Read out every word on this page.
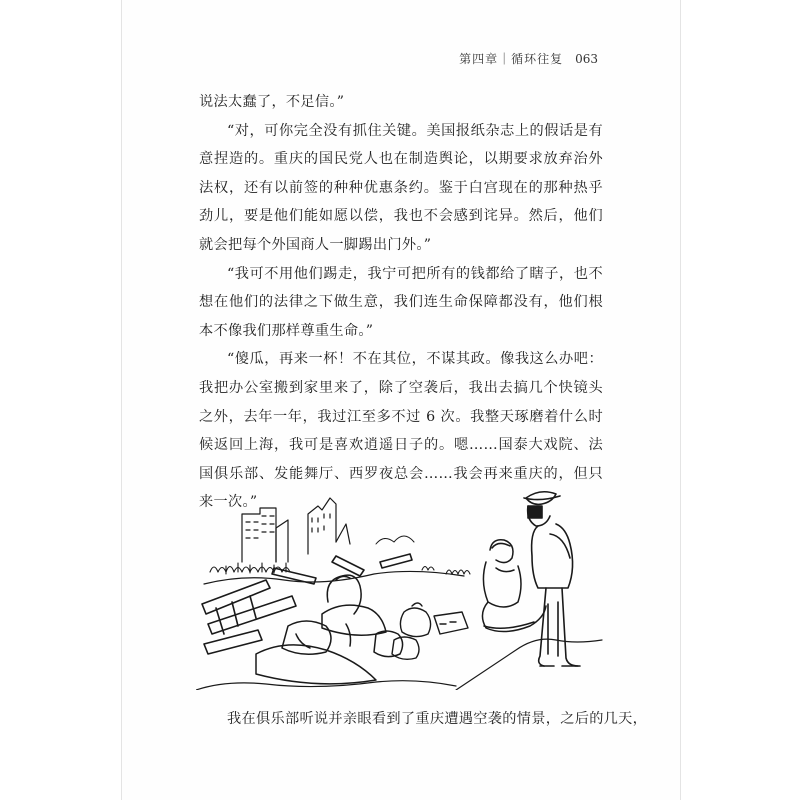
第四章｜循环往复 063

说法太蠢了，不足信。”

“对，可你完全没有抓住关键。美国报纸杂志上的假话是有意捏造的。重庆的国民党人也在制造舆论，以期要求放弃治外法权，还有以前签的种种优惠条约。鉴于白宫现在的那种热乎劲儿，要是他们能如愿以偿，我也不会感到诧异。然后，他们就会把每个外国商人一脚踢出门外。”

“我可不用他们踢走，我宁可把所有的钱都给了瞎子，也不想在他们的法律之下做生意，我们连生命保障都没有，他们根本不像我们那样尊重生命。”

“傻瓜，再来一杯！不在其位，不谋其政。像我这么办吧：我把办公室搬到家里来了，除了空袭后，我出去搞几个快镜头之外，去年一年，我过江至多不过 6 次。我整天琢磨着什么时候返回上海，我可是喜欢逍遥日子的。嗯……国泰大戏院、法国俱乐部、发能舞厅、西罗夜总会……我会再来重庆的，但只来一次。”

我在俱乐部听说并亲眼看到了重庆遭遇空袭的情景，之后的几天，
